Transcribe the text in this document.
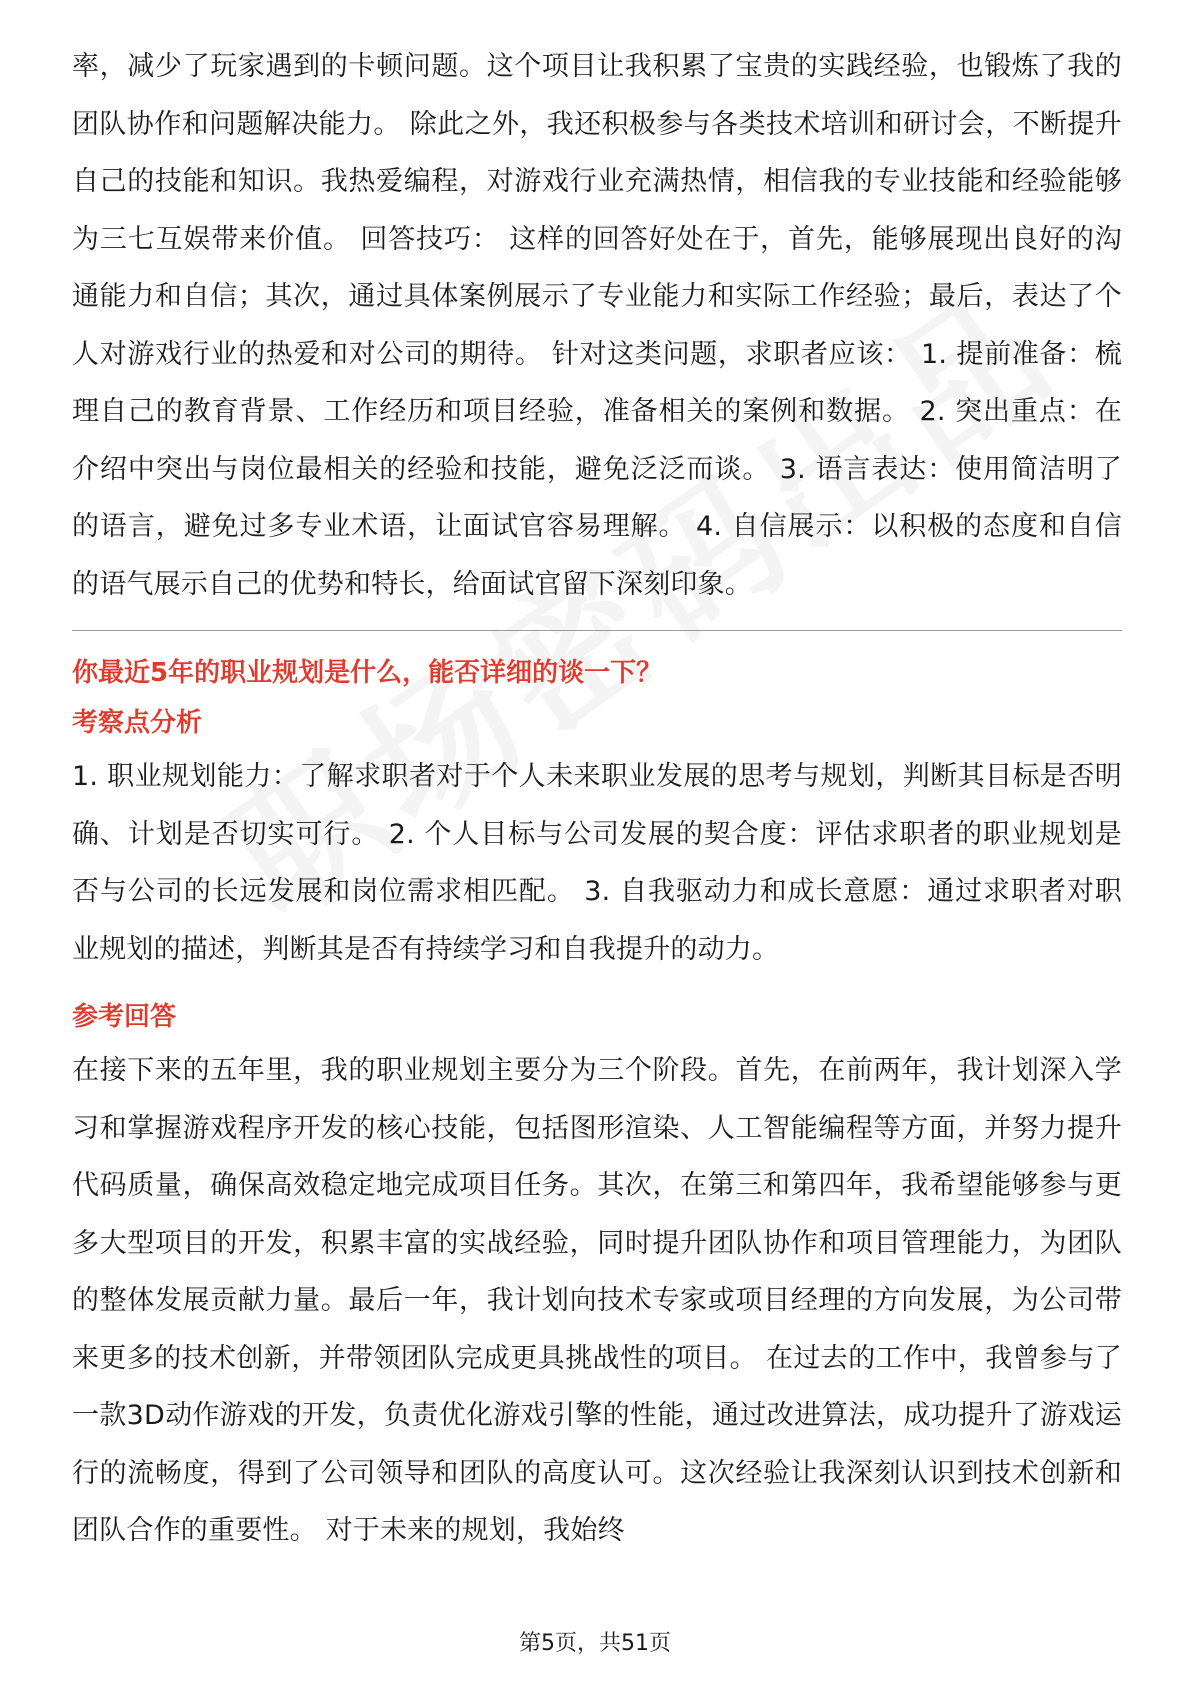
率，减少了玩家遇到的卡顿问题。这个项目让我积累了宝贵的实践经验，也锻炼了我的团队协作和问题解决能力。 除此之外，我还积极参与各类技术培训和研讨会，不断提升自己的技能和知识。我热爱编程，对游戏行业充满热情，相信我的专业技能和经验能够为三七互娱带来价值。 回答技巧： 这样的回答好处在于，首先，能够展现出良好的沟通能力和自信；其次，通过具体案例展示了专业能力和实际工作经验；最后，表达了个人对游戏行业的热爱和对公司的期待。 针对这类问题，求职者应该： 1. 提前准备：梳理自己的教育背景、工作经历和项目经验，准备相关的案例和数据。 2. 突出重点：在介绍中突出与岗位最相关的经验和技能，避免泛泛而谈。 3. 语言表达：使用简洁明了的语言，避免过多专业术语，让面试官容易理解。 4. 自信展示：以积极的态度和自信的语气展示自己的优势和特长，给面试官留下深刻印象。

你最近5年的职业规划是什么，能否详细的谈一下？

考察点分析

1. 职业规划能力：了解求职者对于个人未来职业发展的思考与规划，判断其目标是否明确、计划是否切实可行。 2. 个人目标与公司发展的契合度：评估求职者的职业规划是否与公司的长远发展和岗位需求相匹配。 3. 自我驱动力和成长意愿：通过求职者对职业规划的描述，判断其是否有持续学习和自我提升的动力。

参考回答

在接下来的五年里，我的职业规划主要分为三个阶段。首先，在前两年，我计划深入学习和掌握游戏程序开发的核心技能，包括图形渲染、人工智能编程等方面，并努力提升代码质量，确保高效稳定地完成项目任务。其次，在第三和第四年，我希望能够参与更多大型项目的开发，积累丰富的实战经验，同时提升团队协作和项目管理能力，为团队的整体发展贡献力量。最后一年，我计划向技术专家或项目经理的方向发展，为公司带来更多的技术创新，并带领团队完成更具挑战性的项目。 在过去的工作中，我曾参与了一款3D动作游戏的开发，负责优化游戏引擎的性能，通过改进算法，成功提升了游戏运行的流畅度，得到了公司领导和团队的高度认可。这次经验让我深刻认识到技术创新和团队合作的重要性。 对于未来的规划，我始终

第5页，共51页
